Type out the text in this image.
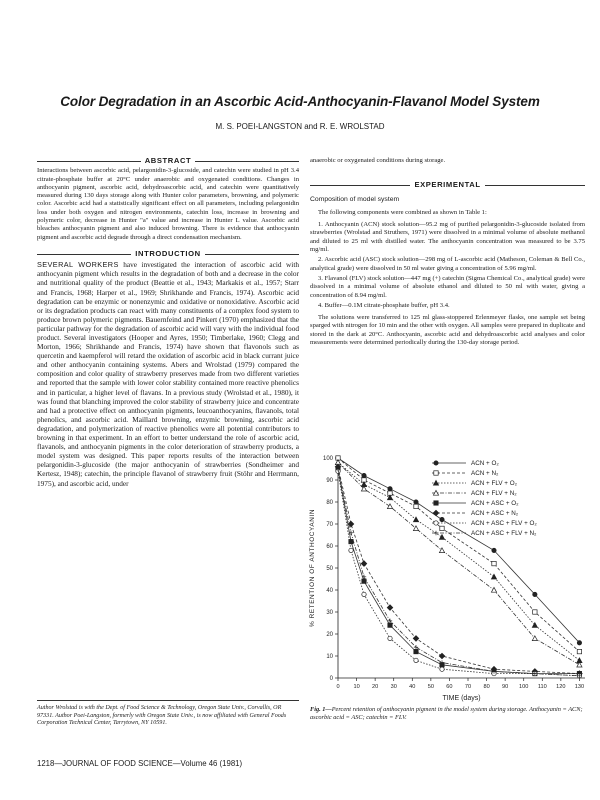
Color Degradation in an Ascorbic Acid-Anthocyanin-Flavanol Model System
M. S. POEI-LANGSTON and R. E. WROLSTAD
ABSTRACT

Interactions between ascorbic acid, pelargonidin-3-glucoside, and catechin were studied in pH 3.4 citrate-phosphate buffer at 20°C under anaerobic and oxygenated conditions. Changes in anthocyanin pigment, ascorbic acid, dehydroascorbic acid, and catechin were quantitatively measured during 130 days storage along with Hunter color parameters, browning, and polymeric color. Ascorbic acid had a statistically significant effect on all parameters, including pelargonidin loss under both oxygen and nitrogen environments, catechin loss, increase in browning and polymeric color, decrease in Hunter "a" value and increase in Hunter L value. Ascorbic acid bleaches anthocyanin pigment and also induced browning. There is evidence that anthocyanin pigment and ascorbic acid degrade through a direct condensation mechanism.

INTRODUCTION

SEVERAL WORKERS have investigated the interaction of ascorbic acid with anthocyanin pigment which results in the degradation of both and a decrease in the color and nutritional quality of the product (Beattie et al., 1943; Markakis et al., 1957; Starr and Francis, 1968; Harper et al., 1969; Shrikhande and Francis, 1974). Ascorbic acid degradation can be enzymic or nonenzymic and oxidative or nonoxidative. Ascorbic acid or its degradation products can react with many constituents of a complex food system to produce brown polymeric pigments. Bauernfeind and Pinkert (1970) emphasized that the particular pathway for the degradation of ascorbic acid will vary with the individual food product. Several investigators (Hooper and Ayres, 1950; Timberlake, 1960; Clegg and Morton, 1966; Shrikhande and Francis, 1974) have shown that flavonols such as quercetin and kaempferol will retard the oxidation of ascorbic acid in black currant juice and other anthocyanin containing systems. Abers and Wrolstad (1979) compared the composition and color quality of strawberry preserves made from two different varieties and reported that the sample with lower color stability contained more reactive phenolics and in particular, a higher level of flavans. In a previous study (Wrolstad et al., 1980), it was found that blanching improved the color stability of strawberry juice and concentrate and had a protective effect on anthocyanin pigments, leucoanthocyanins, flavanols, total phenolics, and ascorbic acid. Maillard browning, enzymic browning, ascorbic acid degradation, and polymerization of reactive phenolics were all potential contributors to browning in that experiment. In an effort to better understand the role of ascorbic acid, flavanols, and anthocyanin pigments in the color deterioration of strawberry products, a model system was designed. This paper reports results of the interaction between pelargonidin-3-glucoside (the major anthocyanin of strawberries (Sondheimer and Kertesz, 1948); catechin, the principle flavanol of strawberry fruit (Stöhr and Herrmann, 1975), and ascorbic acid, under

Author Wrolstad is with the Dept. of Food Science & Technology, Oregon State Univ., Corvallis, OR 97331. Author Poei-Langston, formerly with Oregon State Univ., is now affiliated with General Foods Corporation Technical Center, Tarrytown, NY 10591.
1218—JOURNAL OF FOOD SCIENCE—Volume 46 (1981)

anaerobic or oxygenated conditions during storage.

EXPERIMENTAL

Composition of model system

The following components were combined as shown in Table 1:

1. Anthocyanin (ACN) stock solution—95.2 mg of purified pelargonidin-3-glucoside isolated from strawberries (Wrolstad and Struthers, 1971) were dissolved in a minimal volume of absolute methanol and diluted to 25 ml with distilled water. The anthocyanin concentration was measured to be 3.75 mg/ml.

2. Ascorbic acid (ASC) stock solution—298 mg of L-ascorbic acid (Matheson, Coleman & Bell Co., analytical grade) were dissolved in 50 ml water giving a concentration of 5.96 mg/ml.

3. Flavanol (FLV) stock solution—447 mg (+) catechin (Sigma Chemical Co., analytical grade) were dissolved in a minimal volume of absolute ethanol and diluted to 50 ml with water, giving a concentration of 8.94 mg/ml.

4. Buffer—0.1M citrate-phosphate buffer, pH 3.4.

The solutions were transferred to 125 ml glass-stoppered Erlenmeyer flasks, one sample set being sparged with nitrogen for 10 min and the other with oxygen. All samples were prepared in duplicate and stored in the dark at 20°C. Anthocyanin, ascorbic acid and dehydroascorbic acid analyses and color measurements were determined periodically during the 130-day storage period.

0
10
20
30
40
50
60
70
80
90
100
0 10 20 30 40 50 60 70 80 90 100 110 120 130
% RETENTION OF ANTHOCYANIN
TIME (days)
ACN + O₂
ACN + N₂
ACN + FLV + O₂
ACN + FLV + N₂
ACN + ASC + O₂
ACN + ASC + N₂
ACN + ASC + FLV + O₂
ACN + ASC + FLV + N₂
Fig. 1—Percent retention of anthocyanin pigment in the model system during storage. Anthocyanin = ACN; ascorbic acid = ASC; catechin = FLV.
